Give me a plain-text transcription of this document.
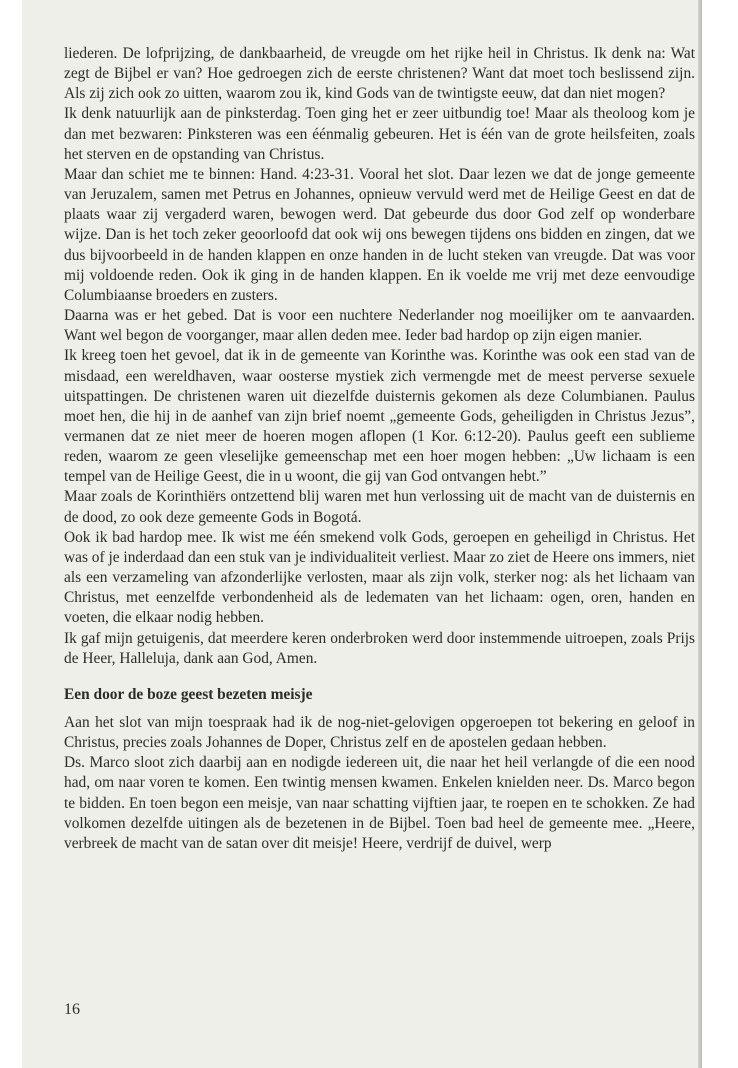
liederen. De lofprijzing, de dankbaarheid, de vreugde om het rijke heil in Christus. Ik denk na: Wat zegt de Bijbel er van? Hoe gedroegen zich de eerste christenen? Want dat moet toch beslissend zijn. Als zij zich ook zo uitten, waarom zou ik, kind Gods van de twintigste eeuw, dat dan niet mogen?

Ik denk natuurlijk aan de pinksterdag. Toen ging het er zeer uitbundig toe! Maar als theoloog kom je dan met bezwaren: Pinksteren was een éénmalig gebeuren. Het is één van de grote heilsfeiten, zoals het sterven en de opstanding van Christus.

Maar dan schiet me te binnen: Hand. 4:23-31. Vooral het slot. Daar lezen we dat de jonge gemeente van Jeruzalem, samen met Petrus en Johannes, opnieuw vervuld werd met de Heilige Geest en dat de plaats waar zij vergaderd waren, bewogen werd. Dat gebeurde dus door God zelf op wonderbare wijze. Dan is het toch zeker geoorloofd dat ook wij ons bewegen tijdens ons bidden en zingen, dat we dus bijvoorbeeld in de handen klappen en onze handen in de lucht steken van vreugde. Dat was voor mij voldoende reden. Ook ik ging in de handen klappen. En ik voelde me vrij met deze eenvoudige Columbiaanse broeders en zusters.

Daarna was er het gebed. Dat is voor een nuchtere Nederlander nog moeilijker om te aanvaarden. Want wel begon de voorganger, maar allen deden mee. Ieder bad hardop op zijn eigen manier.

Ik kreeg toen het gevoel, dat ik in de gemeente van Korinthe was. Korinthe was ook een stad van de misdaad, een wereldhaven, waar oosterse mystiek zich vermengde met de meest perverse sexuele uitspattingen. De christenen waren uit diezelfde duisternis gekomen als deze Columbianen. Paulus moet hen, die hij in de aanhef van zijn brief noemt „gemeente Gods, geheiligden in Christus Jezus”, vermanen dat ze niet meer de hoeren mogen aflopen (1 Kor. 6:12-20). Paulus geeft een sublieme reden, waarom ze geen vleselijke gemeenschap met een hoer mogen hebben: „Uw lichaam is een tempel van de Heilige Geest, die in u woont, die gij van God ontvangen hebt.”

Maar zoals de Korinthiërs ontzettend blij waren met hun verlossing uit de macht van de duisternis en de dood, zo ook deze gemeente Gods in Bogotá.

Ook ik bad hardop mee. Ik wist me één smekend volk Gods, geroepen en geheiligd in Christus. Het was of je inderdaad dan een stuk van je individualiteit verliest. Maar zo ziet de Heere ons immers, niet als een verzameling van afzonderlijke verlosten, maar als zijn volk, sterker nog: als het lichaam van Christus, met eenzelfde verbondenheid als de ledematen van het lichaam: ogen, oren, handen en voeten, die elkaar nodig hebben.

Ik gaf mijn getuigenis, dat meerdere keren onderbroken werd door instemmende uitroepen, zoals Prijs de Heer, Halleluja, dank aan God, Amen.

Een door de boze geest bezeten meisje

Aan het slot van mijn toespraak had ik de nog-niet-gelovigen opgeroepen tot bekering en geloof in Christus, precies zoals Johannes de Doper, Christus zelf en de apostelen gedaan hebben.

Ds. Marco sloot zich daarbij aan en nodigde iedereen uit, die naar het heil verlangde of die een nood had, om naar voren te komen. Een twintig mensen kwamen. Enkelen knielden neer. Ds. Marco begon te bidden. En toen begon een meisje, van naar schatting vijftien jaar, te roepen en te schokken. Ze had volkomen dezelfde uitingen als de bezetenen in de Bijbel. Toen bad heel de gemeente mee. „Heere, verbreek de macht van de satan over dit meisje! Heere, verdrijf de duivel, werp

16
